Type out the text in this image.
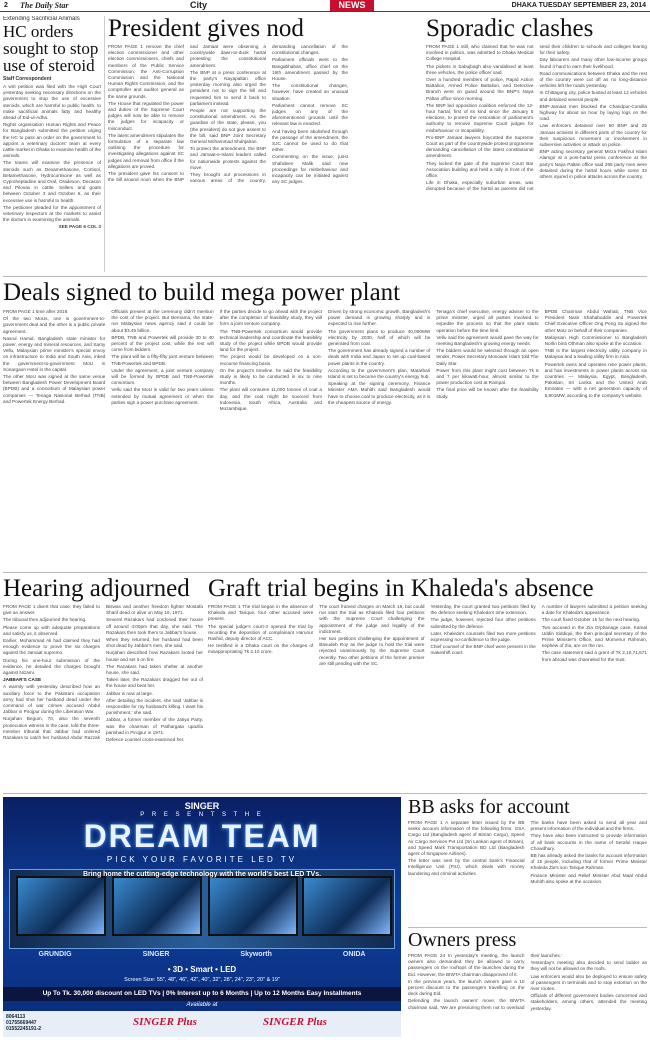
2 The Daily Star	City	NEWS	DHAKA TUESDAY SEPTEMBER 23, 2014
Extending Sacrificial Animals
HC orders sought to stop use of steroid
Staff Correspondent

A writ petition was filed with the High Court yesterday seeking necessary directions on the government to stop the use of excessive steroids, which are harmful to public health, to make sacrificial animals fatty and healthy ahead of Eid-ul-Adha.

Rights organisation Human Rights and Peace for Bangladesh submitted the petition urging the HC to pass an order on the government to appoint a veterinary doctors' team at every cattle market in Dhaka to examine health of the animals.

The teams will examine the presence of steroids such as Dexamethasone, Cortisol, Betamethasone, Hydrocortisone as well as Cyproheptadine and Oral, Oradexon, Decason and Pilovax in cattle. Sellers and goats between October 3 and October 6, as their excessive use is harmful to health.

The petitioner pleaded for the appointment of veterinary inspectors at the markets to assist the doctors in examining the animals.

SEE PAGE 6 COL 3

President gives nod

FROM PAGE 1 remove the chief election commissioner and other election commissioners, chiefs and members of the Public Service Commission, the Anti-Corruption Commission and the National Human Rights Commission, and the comptroller and auditor general as the same grounds.

The House that regulated the power and duties of the Supreme Court judges will now be able to remove the judges for incapacity or misconduct.

The latest amendment stipulates the formulation of a separate law outlining the procedure for investigating allegations against SC judges and removal from office if the allegations are proved.

The president gave his consent to the bill around noon when the BNP and Jamaat were observing a countrywide dawn-to-dusk hartal protesting the constitutional amendment.

The BNP at a press conference at the party's Nayapaltan office yesterday morning also urged the president not to sign the bill and requested him to send it back to parliament instead.

People are not supporting the constitutional amendment. As the guardian of the state, please, you (the president) do not give assent to the bill, said BNP Joint Secretary General Mohammad Shahjahan.

To protect the amendment, the BNP and Jamaat-e-Islami leaders called for nationwide protests against the move.

They brought out processions in various areas of the country, demanding cancellation of the constitutional changes.

Parliament officials went to the Bangabhaban, office chief on the 16th amendment passed by the House.

The constitutional changes, however, have created an unusual situation.

Parliament cannot remove SC judges on any of the aforementioned grounds until the relevant law is enacted.

And having been abolished through the passage of the amendment, the SJC cannot be used to do that either.

Commenting on the issue, jurist Shahdeen Malik said new proceedings for misbehaviour and incapacity can be initiated against any SC judges.

Sporadic clashes

FROM PAGE 1 still, who claimed that he was not involved in politics, was admitted to Dhaka Medical College Hospital.

The pickets in Sabujbagh also vandalised at least three vehicles, the police officer said.

Over a hundred members of police, Rapid Action Battalion, Armed Police Battalion, and Detective Branch were on guard around the BNP's Naya Paltan office since morning.

The BNP led opposition coalition enforced the 12-hour hartal, first of its kind since the January 5 elections, to protest the restoration of parliament's authority to remove Supreme Court judges for misbehaviour or incapability.

Pro-BNP Jamaat lawyers boycotted the Supreme Court as part of the countrywide protest programme demanding cancellation of the latest constitutional amendment.

They locked the gate of the Supreme Court Bar Association building and held a rally in front of the office.

Life in Dhaka, especially suburban areas, was disrupted because of the hartal as parents did not send their children to schools and colleges fearing for their safety.

Day labourers and many other low-income groups found it hard to earn their livelihood.

Road communications between Dhaka and the rest of the country were cut off as no long-distance vehicles left the roads yesterday.

In Chittagong city, police busted at least 12 vehicles and detained several people.

BNP-Jamaat men blocked the Chandpur-Comilla highway for about an hour by laying logs on the road.

Law enforcers detained over 50 BNP and 25 Jamaat activists in different parts of the country for their suspicious movement or involvement in subversive activities or attack on police.

BNP acting secretary general Mirza Fakhrul Islam Alamgir at a post-hartal press conference at the party's Naya Paltan office said 265 party men were detained during the hartal hours while some 32 others injured in police attacks across the country.

Deals signed to build mega power plant

FROM PAGE 1 time after 2019.

Of the two MoUs, one is government-to-government deal and the other is a public private agreement.

Nasrul Hamid, Bangladesh state minister for power, energy and mineral resources, and Samy Vellu, Malaysian prime minister's special envoy on infrastructure to India and South Asia, inked the government-to-government MoU in Sonargaon Hotel in the capital.

The other MoU was signed at the same venue between Bangladesh Power Development Board (BPDB) and a consortium of Malaysian power companies — Tenaga Nasional Berhad (TNB) and Powertek Energy Berhad.

Officials present at the ceremony didn't mention the cost of the project. But Bernama, the state-run Malaysian news agency said it could be about $3.45 billion.

BPDB, TNB and Powertek will provide 30 to 40 percent of the project cost, while the rest will come from bidders.

The plant will be a fifty-fifty joint venture between TNB-Powertek and BPDB.

Under the agreement, a joint venture company will be formed by BPDB and TNB-Powertek consortium.

Vellu said the MoU is valid for two years unless extended by mutual agreement or when the parties sign a power purchase agreement.

If the parties decide to go ahead with the project after the completion of feasibility study, they will form a joint venture company.

The TNB-Powertek consortium would provide technical leadership and coordinate the feasibility study of the project while BPDB would provide land for the project.

The project would be developed on a non-recourse financing basis.

On the project's timeline, he said the feasibility study is likely to be conducted in six to nine months.

The plant will consume 11,000 tonnes of coal a day, and the coal might be sourced from Indonesia, South Africa, Australia and Mozambique.

Driven by strong economic growth, Bangladesh's power demand is growing sharply and is expected to rise further.

The government plans to produce 40,000MW electricity by 2030, half of which will be generated from coal.

The government has already signed a number of deals with India and Japan to set up coal-based power plants in the country.

According to the government's plan, Matarbari Island is set to become the country's energy hub.

Speaking at the signing ceremony, Finance Minister AMA Muhith said Bangladesh would have to choose coal to produce electricity, as it is the cheapest source of energy.

Tenaga's chief executive, energy adviser to the prime minister, urged all parties involved to expedite the process so that the plant starts operation before the time limit.

Vellu said the agreement would pave the way for meeting Bangladesh's growing energy needs.

The bidders would be selected through an open tender, Power Secretary Monowar Islam told The Daily Star.

Power from this plant might cost between Tk 6 and 7 per kilowatt-hour, almost similar to the power production cost at Rampal.

The final price will be known after the feasibility study.

BPDB Chairman Abdul Wahab, TNB Vice President Nasir Shahabuddin and Powertek Chief Executive Officer Ong Peng Su signed the other MoU on behalf of their companies.

Malaysian High Commissioner to Bangladesh Norlin binti Othman also spoke at the occasion.

TNB is the largest electricity utility company in Malaysia and a leading utility firm in Asia.

Powertek owns and operates nine power plants, and has investments in power plants across six countries — Malaysia, Egypt, Bangladesh, Pakistan, Sri Lanka and the United Arab Emirates — with a net generation capacity of 5,901MW, according to the company's website.

Hearing adjourned

FROM PAGE 1 divert that case; they failed to give an answer.

The tribunal then adjourned the hearing.

Please come up with adequate preparations and satisfy us, it observed.

Earlier, Mohammad Ali had claimed they had enough evidence to prove the six charges against the Jamaat supremo.

During his one-hour submission of the evidence, he detailed the charges brought against Nizami.

JABBAR'S CASE

A warmly with yesterday described how an auxiliary force to the Pakistani occupation army had shot her husband dead under the command of war crimes accused Abdul Jabbar in Pirojpur during the Liberation War.

Nurjahan Begum, 70, also the seventh prosecution witness in the case, told the three-member tribunal that Jabbar had ordered Razakars to catch her husband Abdur Razzak Biswas and another freedom fighter Mostafa Sharif dead or alive on May 16, 1971.

Several Razakars had cordoned their house off around 4:00pm that day, she said. The Razakars then took them to Jabbar's house.

When they returned, her husband had been shot dead by Jabbar's men, she said.

Nurjahan described how Razakars looted her house and set it on fire.

The Razakars had taken shelter at another house, she said.

Taken later, the Razakars dragged her out of the house and beat her.

Jabbar is now at large.

After detailing the incident, she said 'Jabbar is responsible for my husband's killing. I want his punishment,' she said.

Jabbar, a former member of the Jatiya Party, was the chairman of Pathargata upazila parishad in Pirojpur in 1971.

Defence counsel cross-examined her.

Graft trial begins in Khaleda's absence

FROM PAGE 1 The trial began in the absence of Khaleda and Tarique, four other accused were present.

The special judge's court-3 opened the trial by recording the deposition of complainant Harunur Rashid, deputy director of ACC.

He testified in a Dhaka court on the charges of misappropriating Tk 2.10 crore.

The court framed charges on March 19, but could not start the trial as Khaleda filed four petitions with the Supreme Court challenging the appointment of the judge and legality of the indictment.

Her two petitions challenging the appointment of Basudeb Roy as the judge to hold the trial were rejected unanimously by the Supreme Court recently. Two other petitions of the former premier are still pending with the SC.

Yesterday, the court granted two petitions filed by the defence seeking Khaleda's time extension.

The judge, however, rejected four other petitions submitted by the defence.

Later, Khaleda's counsels filed two more petitions expressing no-confidence to the judge.

Chief counsel of the BNP chief were present in the makeshift court.

A number of lawyers submitted a petition seeking a date for Khaleda's appearance.

The court fixed October 15 for the next hearing.

Two accused in the Zia Orphanage case, Kamal Uddin Siddiqui, the then principal secretary of the Prime Minister's Office, and Momenur Rahman, nephew of Zia, are on the run.

The case statement said a grant of Tk 2,10,71,671 from abroad was channeled for the trust.

SINGER
P R E S E N T S T H E
DREAM TEAM
PICK YOUR FAVORITE LED TV
Bring home the cutting-edge technology with the world's best LED TVs.
GRUNDIG	SINGER	Skyworth	ONIDA
• 3D • Smart • LED
Screen Size: 55", 48", 46", 42", 40", 32", 28", 24", 23", 20" & 19"
Up To Tk. 30,000 discount on LED TVs | 0% Interest up to 6 Months | Up to 12 Months Easy Installments
Available at
8064113
01755669447
01552245191-2
SINGER Plus	SINGER Plus
BB asks for account

FROM PAGE 1 A separate letter issued by the BB seeks account information of the following firms: GSA Cargo Ltd (Bangladesh agent of Biman Cargo), Speed Air Cargo Services Pvt Ltd (Sri Lankan agent of Biman), and Speed Mark Transportation BD Ltd (Bangladesh agent of Singapore Airlines).

The letter was sent by the central bank's Financial Intelligence Unit (FIU), which deals with money laundering and criminal activities.

The banks have been asked to send all year and present information of the individual and the firms.

They have also been instructed to provide information of all bank accounts in the name of Seraful Haque Chowdhury.

BB has already asked the banks for account information of 15 people, including that of former Prime Minister Khaleda Zia's son Tarique Rahman.

Finance Minister and Relief Minister Abul Maal Abdul Muhith also spoke at the occasion.

Owners press

FROM PAGE 24 In yesterday's meeting, the launch owners also demanded they be allowed to carry passengers on the rooftops of the launches during the Eid. However, the BIWTA chairman disapproved of it.

In the previous years, the launch owners gave a 10 percent discount to the passengers travelling on the deck during Eid.

Defending the launch owners' move, the BIWTA chairman said, 'We are pressuring them not to overload their launches.'

Yesterday's meeting also decided to send ladder as they will not be allowed on the roofs.

Law enforcers would also be deployed to ensure safety of passengers in terminals and to stop extortion on the river routes.

Officials of different government bodies concerned and stakeholders, among others, attended the meeting yesterday.
